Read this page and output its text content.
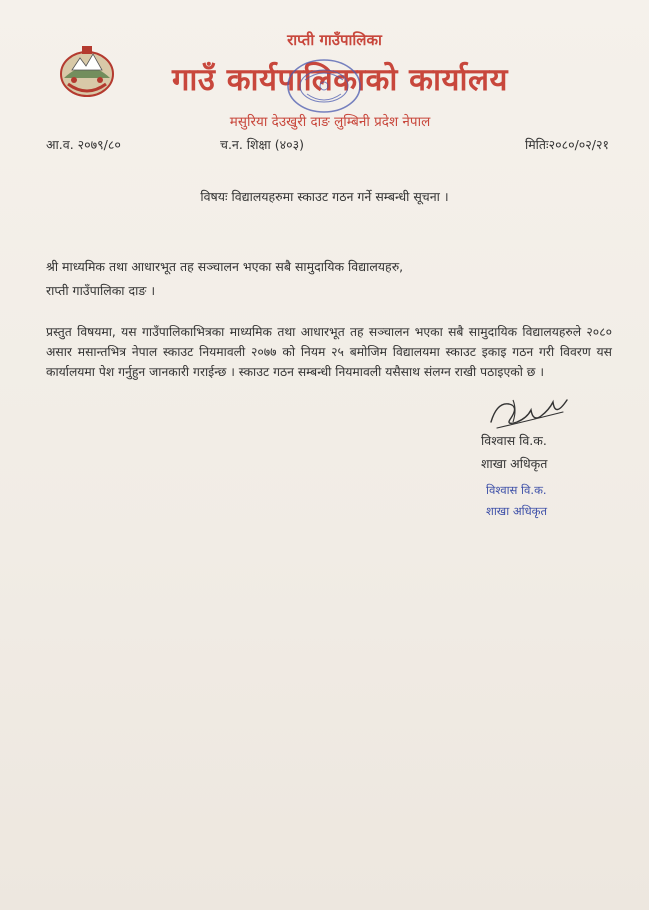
राप्ती गाउँपालिका
गाउँ कार्यपालिकाको कार्यालय
मसुरिया देउखुरी दाङ लुम्बिनी प्रदेश नेपाल
आ.व. २०७९/८०	च.न. शिक्षा (४०३)	मितिः२०८०/०२/२१
विषयः विद्यालयहरुमा स्काउट गठन गर्ने सम्बन्धी सूचना ।
श्री माध्यमिक तथा आधारभूत तह सञ्चालन भएका सबै सामुदायिक विद्यालयहरु,
राप्ती गाउँपालिका दाङ ।
प्रस्तुत विषयमा, यस गाउँपालिकाभित्रका माध्यमिक तथा आधारभूत तह सञ्चालन भएका सबै सामुदायिक विद्यालयहरुले २०८० असार मसान्तभित्र नेपाल स्काउट नियमावली २०७७ को नियम २५ बमोजिम विद्यालयमा स्काउट इकाइ गठन गरी विवरण यस कार्यालयमा पेश गर्नुहुन जानकारी गराईन्छ । स्काउट गठन सम्बन्धी नियमावली यसैसाथ संलग्न राखी पठाइएको छ ।
विश्वास वि.क.
शाखा अधिकृत
विश्वास वि.क.
शाखा अधिकृत
